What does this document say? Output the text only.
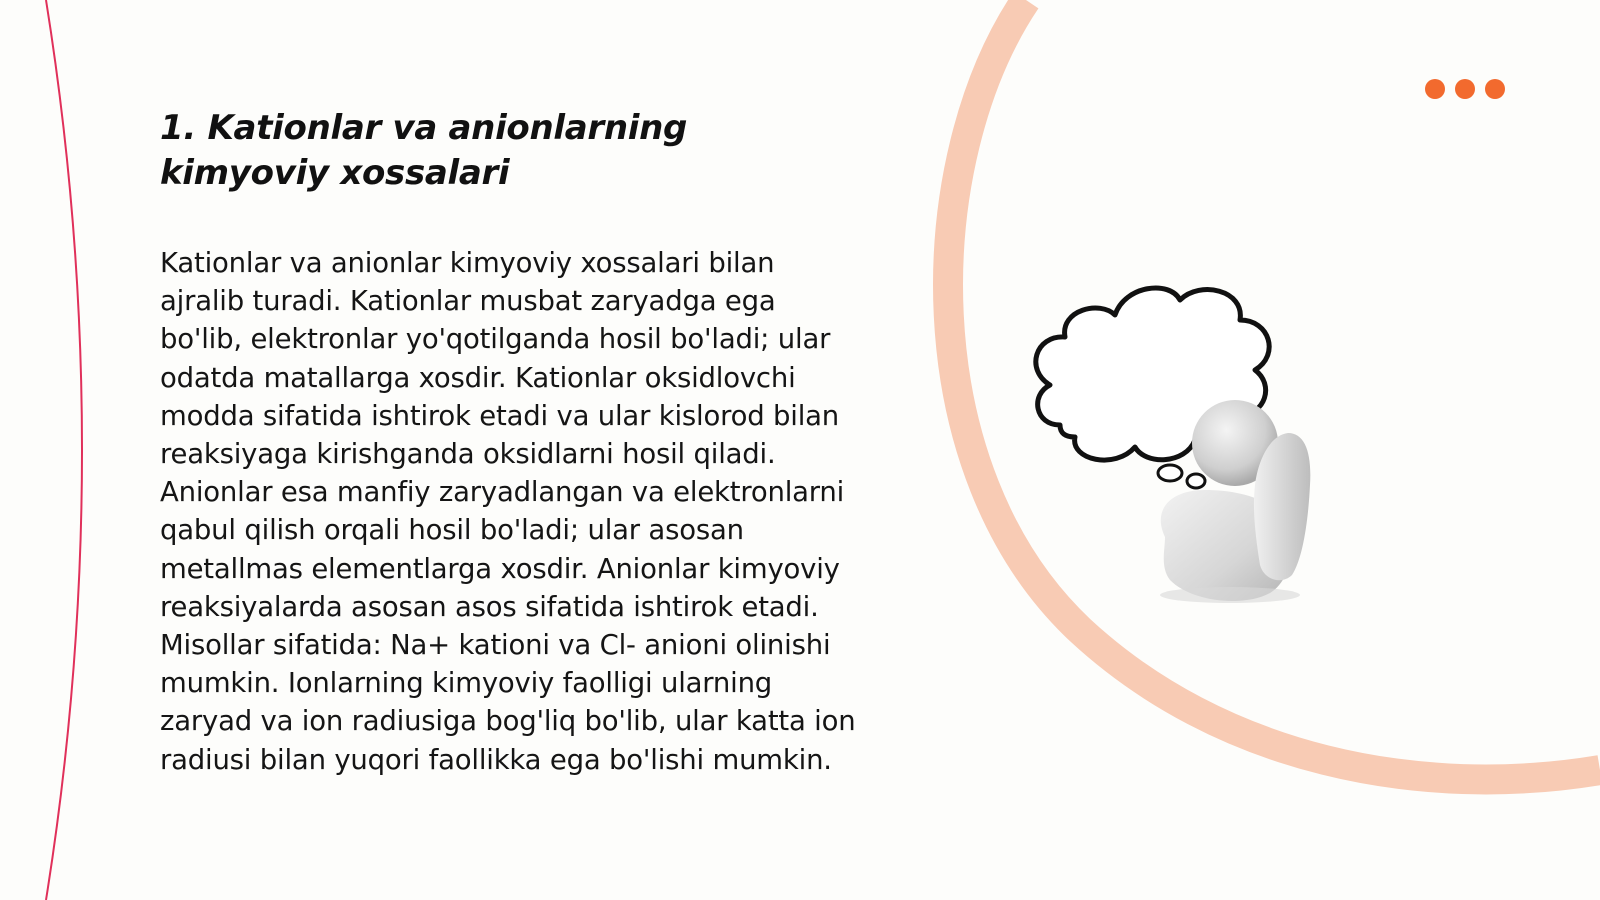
1. Kationlar va anionlarning kimyoviy xossalari

Kationlar va anionlar kimyoviy xossalari bilan ajralib turadi. Kationlar musbat zaryadga ega bo'lib, elektronlar yo'qotilganda hosil bo'ladi; ular odatda matallarga xosdir. Kationlar oksidlovchi modda sifatida ishtirok etadi va ular kislorod bilan reaksiyaga kirishganda oksidlarni hosil qiladi. Anionlar esa manfiy zaryadlangan va elektronlarni qabul qilish orqali hosil bo'ladi; ular asosan metallmas elementlarga xosdir. Anionlar kimyoviy reaksiyalarda asosan asos sifatida ishtirok etadi. Misollar sifatida: Na+ kationi va Cl- anioni olinishi mumkin. Ionlarning kimyoviy faolligi ularning zaryad va ion radiusiga bog'liq bo'lib, ular katta ion radiusi bilan yuqori faollikka ega bo'lishi mumkin.
